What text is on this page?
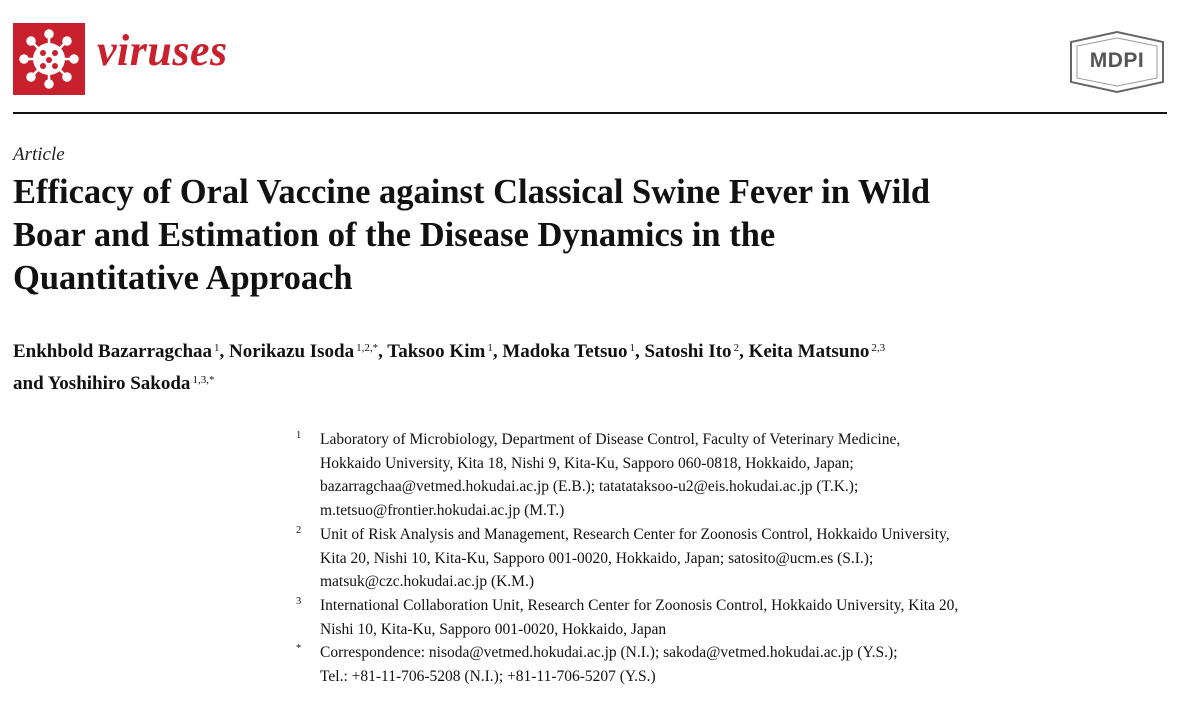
viruses	MDPI
Article
Efficacy of Oral Vaccine against Classical Swine Fever in Wild
Boar and Estimation of the Disease Dynamics in the
Quantitative Approach
Enkhbold Bazarragchaa $^1$, Norikazu Isoda $^{1,2,*}$, Taksoo Kim $^1$, Madoka Tetsuo $^1$, Satoshi Ito $^2$, Keita Matsuno $^{2,3}$
and Yoshihiro Sakoda $^{1,3,*}$
1 Laboratory of Microbiology, Department of Disease Control, Faculty of Veterinary Medicine,
Hokkaido University, Kita 18, Nishi 9, Kita-Ku, Sapporo 060-0818, Hokkaido, Japan;
bazarragchaa@vetmed.hokudai.ac.jp (E.B.); tatatataksoo-u2@eis.hokudai.ac.jp (T.K.);
m.tetsuo@frontier.hokudai.ac.jp (M.T.)
2 Unit of Risk Analysis and Management, Research Center for Zoonosis Control, Hokkaido University,
Kita 20, Nishi 10, Kita-Ku, Sapporo 001-0020, Hokkaido, Japan; satosito@ucm.es (S.I.);
matsuk@czc.hokudai.ac.jp (K.M.)
3 International Collaboration Unit, Research Center for Zoonosis Control, Hokkaido University, Kita 20,
Nishi 10, Kita-Ku, Sapporo 001-0020, Hokkaido, Japan
* Correspondence: nisoda@vetmed.hokudai.ac.jp (N.I.); sakoda@vetmed.hokudai.ac.jp (Y.S.);
Tel.: +81-11-706-5208 (N.I.); +81-11-706-5207 (Y.S.)
